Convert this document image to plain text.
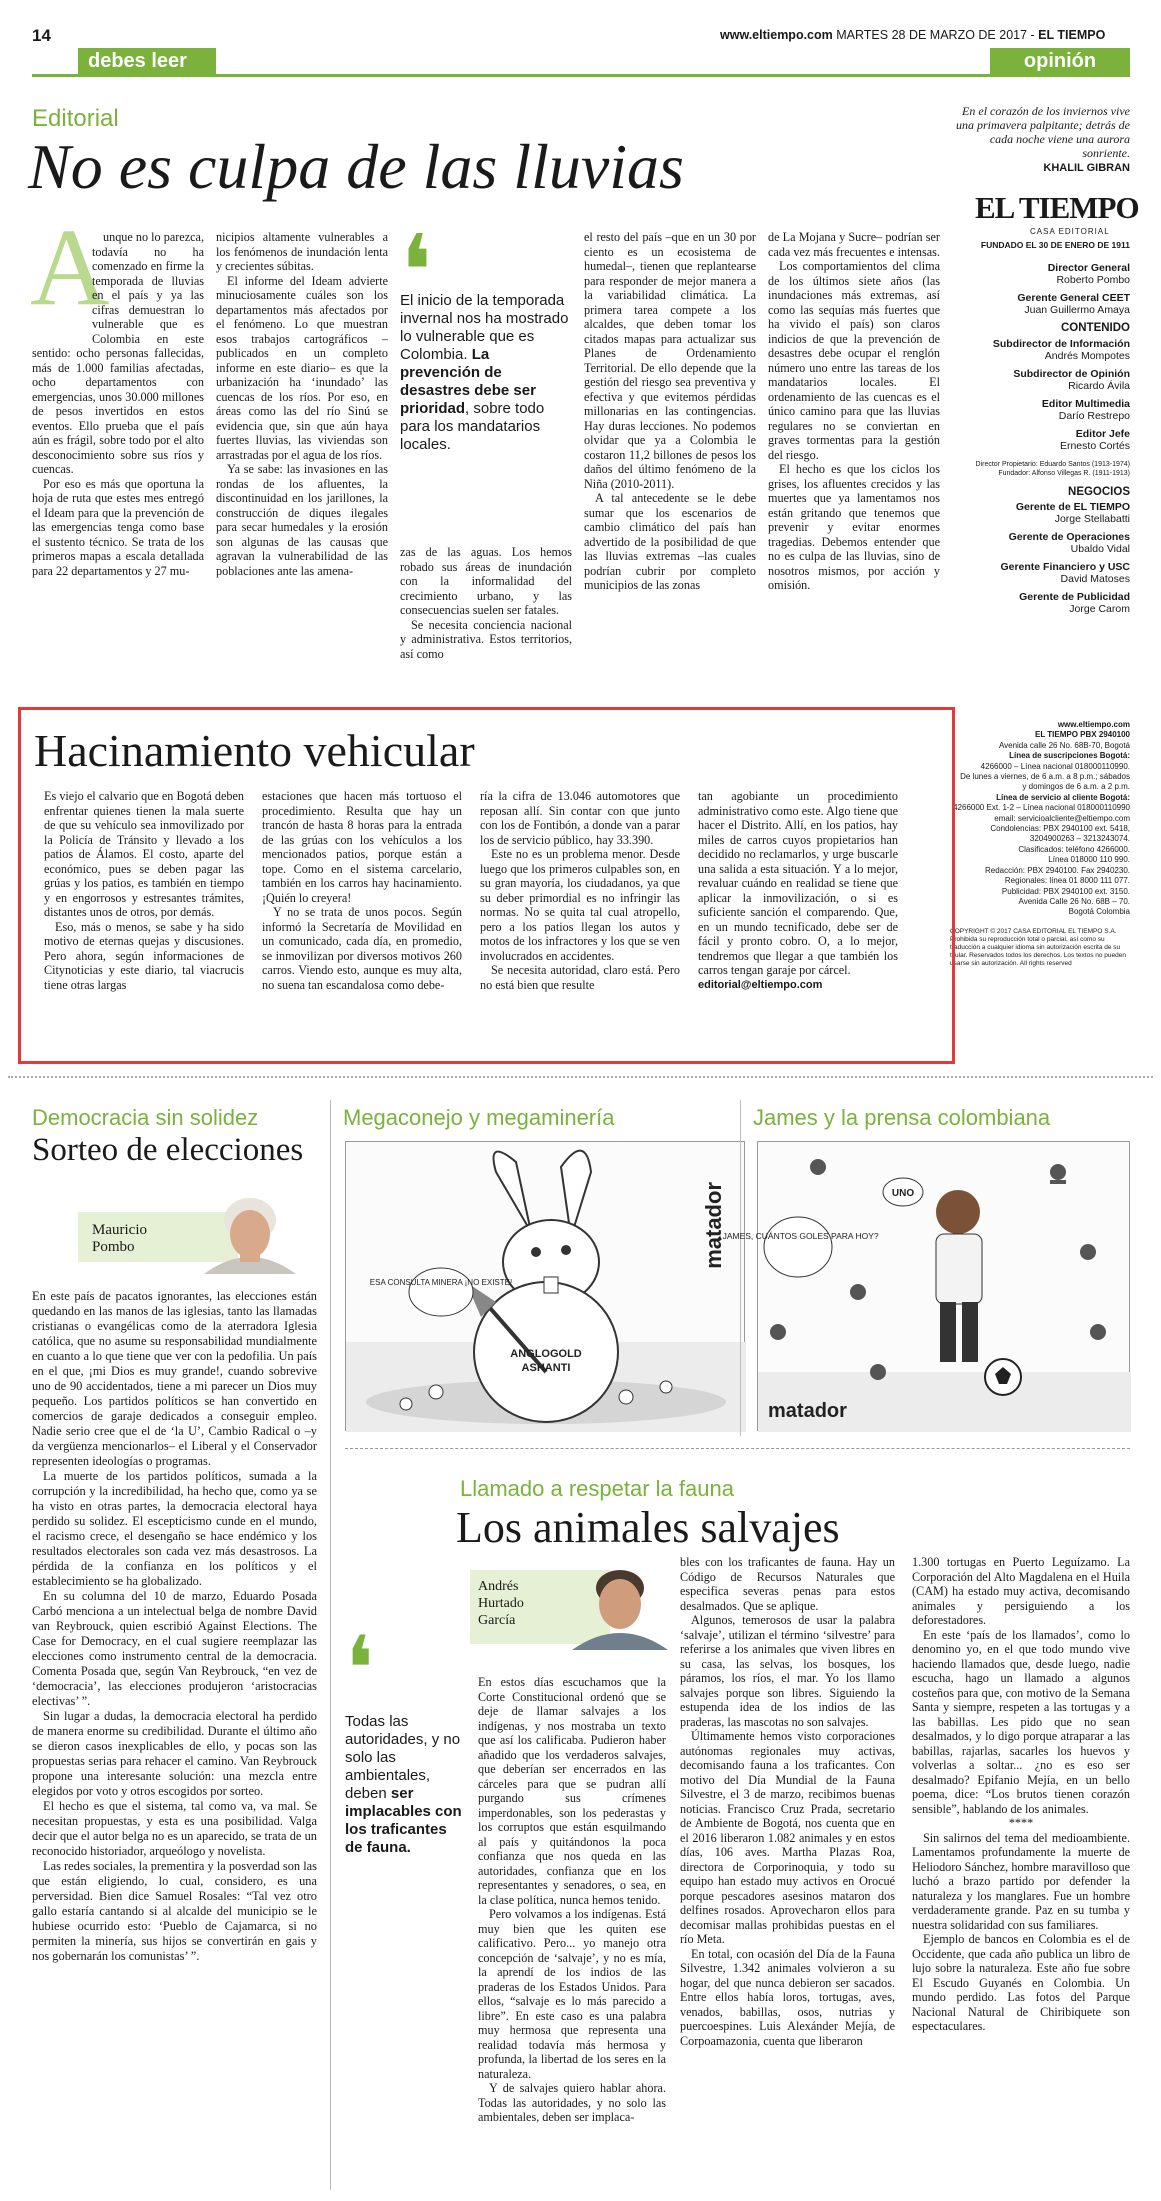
14	www.eltiempo.com MARTES 28 DE MARZO DE 2017 - EL TIEMPO
debes leer	opinión
Editorial
No es culpa de las lluvias
A

unque no lo parezca, todavía no ha comenzado en firme la temporada de lluvias en el país y ya las cifras demuestran lo vulnerable que es Colombia en este sentido: ocho personas fallecidas, más de 1.000 familias afectadas, ocho departamentos con emergencias, unos 30.000 millones de pesos invertidos en estos eventos. Ello prueba que el país aún es frágil, sobre todo por el alto desconocimiento sobre sus ríos y cuencas.

Por eso es más que oportuna la hoja de ruta que estes mes entregó el Ideam para que la prevención de las emergencias tenga como base el sustento técnico. Se trata de los primeros mapas a escala detallada para 22 departamentos y 27 mu-

nicipios altamente vulnerables a los fenómenos de inundación lenta y crecientes súbitas.

El informe del Ideam advierte minuciosamente cuáles son los departamentos más afectados por el fenómeno. Lo que muestran esos trabajos cartográficos –publicados en un completo informe en este diario– es que la urbanización ha ‘inundado’ las cuencas de los ríos. Por eso, en áreas como las del río Sinú se evidencia que, sin que aún haya fuertes lluvias, las viviendas son arrastradas por el agua de los ríos.

Ya se sabe: las invasiones en las rondas de los afluentes, la discontinuidad en los jarillones, la construcción de diques ilegales para secar humedales y la erosión son algunas de las causas que agravan la vulnerabilidad de las poblaciones ante las amena-

❛
El inicio de la temporada invernal nos ha mostrado lo vulnerable que es Colombia. La prevención de desastres debe ser prioridad, sobre todo para los mandatarios locales.

zas de las aguas. Los hemos robado sus áreas de inundación con la informalidad del crecimiento urbano, y las consecuencias suelen ser fatales.

Se necesita conciencia nacional y administrativa. Estos territorios, así como

el resto del país –que en un 30 por ciento es un ecosistema de humedal–, tienen que replantearse para responder de mejor manera a la variabilidad climática. La primera tarea compete a los alcaldes, que deben tomar los citados mapas para actualizar sus Planes de Ordenamiento Territorial. De ello depende que la gestión del riesgo sea preventiva y efectiva y que evitemos pérdidas millonarias en las contingencias. Hay duras lecciones. No podemos olvidar que ya a Colombia le costaron 11,2 billones de pesos los daños del último fenómeno de la Niña (2010-2011).

A tal antecedente se le debe sumar que los escenarios de cambio climático del país han advertido de la posibilidad de que las lluvias extremas –las cuales podrían cubrir por completo municipios de las zonas

de La Mojana y Sucre– podrían ser cada vez más frecuentes e intensas.

Los comportamientos del clima de los últimos siete años (las inundaciones más extremas, así como las sequías más fuertes que ha vivido el país) son claros indicios de que la prevención de desastres debe ocupar el renglón número uno entre las tareas de los mandatarios locales. El ordenamiento de las cuencas es el único camino para que las lluvias regulares no se conviertan en graves tormentas para la gestión del riesgo.

El hecho es que los ciclos los grises, los afluentes crecidos y las muertes que ya lamentamos nos están gritando que tenemos que prevenir y evitar enormes tragedias. Debemos entender que no es culpa de las lluvias, sino de nosotros mismos, por acción y omisión.

En el corazón de los inviernos vive una primavera palpitante; detrás de cada noche viene una aurora sonriente.
KHALIL GIBRAN
EL TIEMPO
CASA EDITORIAL
FUNDADO EL 30 DE ENERO DE 1911
Director General
Roberto Pombo
Gerente General CEET
Juan Guillermo Amaya
CONTENIDO
Subdirector de Información
Andrés Mompotes
Subdirector de Opinión
Ricardo Ávila
Editor Multimedia
Darío Restrepo
Editor Jefe
Ernesto Cortés
Director Propietario: Eduardo Santos (1913-1974)
Fundador: Alfonso Villegas R. (1911-1913)
NEGOCIOS
Gerente de EL TIEMPO
Jorge Stellabatti
Gerente de Operaciones
Ubaldo Vidal
Gerente Financiero y USC
David Matoses
Gerente de Publicidad
Jorge Carom
www.eltiempo.com
EL TIEMPO PBX 2940100
Avenida calle 26 No. 68B-70, Bogotá
Línea de suscripciones Bogotá:
4266000 – Línea nacional 018000110990.
De lunes a viernes, de 6 a.m. a 8 p.m.; sábados
y domingos de 6 a.m. a 2 p.m.
Línea de servicio al cliente Bogotá:
4266000 Ext. 1-2 – Línea nacional 018000110990
email: servicioalcliente@eltiempo.com
Condolencias: PBX 2940100 ext. 5418,
3204900263 – 3213243074.
Clasificados: teléfono 4266000.
Línea 018000 110 990.
Redacción: PBX 2940100. Fax 2940230.
Regionales: línea 01 8000 111 077.
Publicidad: PBX 2940100 ext. 3150.
Avenida Calle 26 No. 68B – 70.
Bogotá Colombia
COPYRIGHT © 2017 CASA EDITORIAL EL TIEMPO S.A. Prohibida su reproducción total o parcial, así como su traducción a cualquier idioma sin autorización escrita de su titular. Reservados todos los derechos. Los textos no pueden usarse sin autorización. All rights reserved
Hacinamiento vehicular

Es viejo el calvario que en Bogotá deben enfrentar quienes tienen la mala suerte de que su vehículo sea inmovilizado por la Policía de Tránsito y llevado a los patios de Álamos. El costo, aparte del económico, pues se deben pagar las grúas y los patios, es también en tiempo y en engorrosos y estresantes trámites, distantes unos de otros, por demás.

Eso, más o menos, se sabe y ha sido motivo de eternas quejas y discusiones. Pero ahora, según informaciones de Citynoticias y este diario, tal viacrucis tiene otras largas

estaciones que hacen más tortuoso el procedimiento. Resulta que hay un trancón de hasta 8 horas para la entrada de las grúas con los vehículos a los mencionados patios, porque están a tope. Como en el sistema carcelario, también en los carros hay hacinamiento. ¡Quién lo creyera!

Y no se trata de unos pocos. Según informó la Secretaría de Movilidad en un comunicado, cada día, en promedio, se inmovilizan por diversos motivos 260 carros. Viendo esto, aunque es muy alta, no suena tan escandalosa como debe-

ría la cifra de 13.046 automotores que reposan allí. Sin contar con que junto con los de Fontibón, a donde van a parar los de servicio público, hay 33.390.

Este no es un problema menor. Desde luego que los primeros culpables son, en su gran mayoría, los ciudadanos, ya que su deber primordial es no infringir las normas. No se quita tal cual atropello, pero a los patios llegan los autos y motos de los infractores y los que se ven involucrados en accidentes.

Se necesita autoridad, claro está. Pero no está bien que resulte

tan agobiante un procedimiento administrativo como este. Algo tiene que hacer el Distrito. Allí, en los patios, hay miles de carros cuyos propietarios han decidido no reclamarlos, y urge buscarle una salida a esta situación. Y a lo mejor, revaluar cuándo en realidad se tiene que aplicar la inmovilización, o si es suficiente sanción el comparendo. Que, en un mundo tecnificado, debe ser de fácil y pronto cobro. O, a lo mejor, tendremos que llegar a que también los carros tengan garaje por cárcel.

editorial@eltiempo.com

Democracia sin solidez
Sorteo de elecciones
Mauricio
Pombo

En este país de pacatos ignorantes, las elecciones están quedando en las manos de las iglesias, tanto las llamadas cristianas o evangélicas como de la aterradora Iglesia católica, que no asume su responsabilidad mundialmente en cuanto a lo que tiene que ver con la pedofilia. Un país en el que, ¡mi Dios es muy grande!, cuando sobrevive uno de 90 accidentados, tiene a mi parecer un Dios muy pequeño. Los partidos políticos se han convertido en comercios de garaje dedicados a conseguir empleo. Nadie serio cree que el de ‘la U’, Cambio Radical o –y da vergüenza mencionarlos– el Liberal y el Conservador representen ideologías o programas.

La muerte de los partidos políticos, sumada a la corrupción y la incredibilidad, ha hecho que, como ya se ha visto en otras partes, la democracia electoral haya perdido su solidez. El escepticismo cunde en el mundo, el racismo crece, el desengaño se hace endémico y los resultados electorales son cada vez más desastrosos. La pérdida de la confianza en los políticos y el establecimiento se ha globalizado.

En su columna del 10 de marzo, Eduardo Posada Carbó menciona a un intelectual belga de nombre David van Reybrouck, quien escribió Against Elections. The Case for Democracy, en el cual sugiere reemplazar las elecciones como instrumento central de la democracia. Comenta Posada que, según Van Reybrouck, “en vez de ‘democracia’, las elecciones produjeron ‘aristocracias electivas’ ”.

Sin lugar a dudas, la democracia electoral ha perdido de manera enorme su credibilidad. Durante el último año se dieron casos inexplicables de ello, y pocas son las propuestas serias para rehacer el camino. Van Reybrouck propone una interesante solución: una mezcla entre elegidos por voto y otros escogidos por sorteo.

El hecho es que el sistema, tal como va, va mal. Se necesitan propuestas, y esta es una posibilidad. Valga decir que el autor belga no es un aparecido, se trata de un reconocido historiador, arqueólogo y novelista.

Las redes sociales, la prementira y la posverdad son las que están eligiendo, lo cual, considero, es una perversidad. Bien dice Samuel Rosales: “Tal vez otro gallo estaría cantando si al alcalde del municipio se le hubiese ocurrido esto: ‘Pueblo de Cajamarca, si no permiten la minería, sus hijos se convertirán en gais y nos gobernarán los comunistas’ ”.

Megaconejo y megaminería
ESA CONSULTA MINERA ¡NO EXISTE!
ANGLOGOLD
ASHANTI
matador
James y la prensa colombiana
¿JAMES, CUÁNTOS GOLES PARA HOY?
UNO
matador
Llamado a respetar la fauna
Los animales salvajes
Andrés
Hurtado
García
❛
Todas las autoridades, y no solo las ambientales, deben ser implacables con los traficantes de fauna.

En estos días escuchamos que la Corte Constitucional ordenó que se deje de llamar salvajes a los indígenas, y nos mostraba un texto que así los calificaba. Pudieron haber añadido que los verdaderos salvajes, que deberían ser encerrados en las cárceles para que se pudran allí purgando sus crímenes imperdonables, son los pederastas y los corruptos que están esquilmando al país y quitándonos la poca confianza que nos queda en las autoridades, confianza que en los representantes y senadores, o sea, en la clase política, nunca hemos tenido.

Pero volvamos a los indígenas. Está muy bien que les quiten ese calificativo. Pero... yo manejo otra concepción de ‘salvaje’, y no es mía, la aprendí de los indios de las praderas de los Estados Unidos. Para ellos, “salvaje es lo más parecido a libre”. En este caso es una palabra muy hermosa que representa una realidad todavía más hermosa y profunda, la libertad de los seres en la naturaleza.

Y de salvajes quiero hablar ahora. Todas las autoridades, y no solo las ambientales, deben ser implaca-

bles con los traficantes de fauna. Hay un Código de Recursos Naturales que especifica severas penas para estos desalmados. Que se aplique.

Algunos, temerosos de usar la palabra ‘salvaje’, utilizan el término ‘silvestre’ para referirse a los animales que viven libres en su casa, las selvas, los bosques, los páramos, los ríos, el mar. Yo los llamo salvajes porque son libres. Siguiendo la estupenda idea de los indios de las praderas, las mascotas no son salvajes.

Últimamente hemos visto corporaciones autónomas regionales muy activas, decomisando fauna a los traficantes. Con motivo del Día Mundial de la Fauna Silvestre, el 3 de marzo, recibimos buenas noticias. Francisco Cruz Prada, secretario de Ambiente de Bogotá, nos cuenta que en el 2016 liberaron 1.082 animales y en estos días, 106 aves. Martha Plazas Roa, directora de Corporinoquia, y todo su equipo han estado muy activos en Orocué porque pescadores asesinos mataron dos delfines rosados. Aprovecharon ellos para decomisar mallas prohibidas puestas en el río Meta.

En total, con ocasión del Día de la Fauna Silvestre, 1.342 animales volvieron a su hogar, del que nunca debieron ser sacados. Entre ellos había loros, tortugas, aves, venados, babillas, osos, nutrias y puercoespines. Luis Alexánder Mejía, de Corpoamazonia, cuenta que liberaron

1.300 tortugas en Puerto Leguízamo. La Corporación del Alto Magdalena en el Huila (CAM) ha estado muy activa, decomisando animales y persiguiendo a los deforestadores.

En este ‘país de los llamados’, como lo denomino yo, en el que todo mundo vive haciendo llamados que, desde luego, nadie escucha, hago un llamado a algunos costeños para que, con motivo de la Semana Santa y siempre, respeten a las tortugas y a las babillas. Les pido que no sean desalmados, y lo digo porque atraparar a las babillas, rajarlas, sacarles los huevos y volverlas a soltar... ¿no es eso ser desalmado? Epifanio Mejía, en un bello poema, dice: “Los brutos tienen corazón sensible”, hablando de los animales.

****

Sin salirnos del tema del medioambiente. Lamentamos profundamente la muerte de Heliodoro Sánchez, hombre maravilloso que luchó a brazo partido por defender la naturaleza y los manglares. Fue un hombre verdaderamente grande. Paz en su tumba y nuestra solidaridad con sus familiares.

Ejemplo de bancos en Colombia es el de Occidente, que cada año publica un libro de lujo sobre la naturaleza. Este año fue sobre El Escudo Guyanés en Colombia. Un mundo perdido. Las fotos del Parque Nacional Natural de Chiribiquete son espectaculares.
